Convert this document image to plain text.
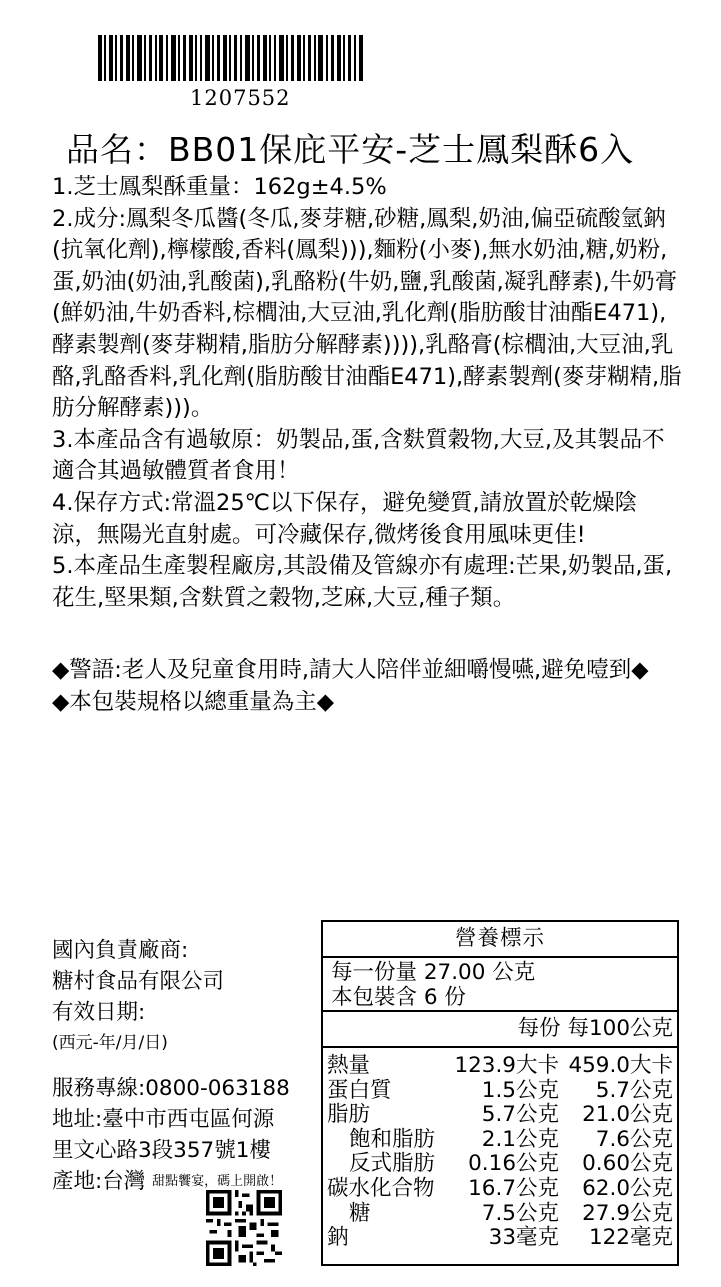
1207552
品名：BB01保庇平安-芝士鳳梨酥6入

1.芝士鳳梨酥重量：162g±4.5%

2.成分:鳳梨冬瓜醬(冬瓜,麥芽糖,砂糖,鳳梨,奶油,偏亞硫酸氫鈉(抗氧化劑),檸檬酸,香料(鳳梨))),麵粉(小麥),無水奶油,糖,奶粉,蛋,奶油(奶油,乳酸菌),乳酪粉(牛奶,鹽,乳酸菌,凝乳酵素),牛奶膏(鮮奶油,牛奶香料,棕櫚油,大豆油,乳化劑(脂肪酸甘油酯E471),酵素製劑(麥芽糊精,脂肪分解酵素)))),乳酪膏(棕櫚油,大豆油,乳酪,乳酪香料,乳化劑(脂肪酸甘油酯E471),酵素製劑(麥芽糊精,脂肪分解酵素)))。

3.本產品含有過敏原：奶製品,蛋,含麩質穀物,大豆,及其製品不適合其過敏體質者食用！

4.保存方式:常溫25℃以下保存，避免變質,請放置於乾燥陰涼，無陽光直射處。可冷藏保存,微烤後食用風味更佳!

5.本產品生產製程廠房,其設備及管線亦有處理:芒果,奶製品,蛋,花生,堅果類,含麩質之穀物,芝麻,大豆,種子類。

◆警語:老人及兒童食用時,請大人陪伴並細嚼慢嚥,避免噎到◆

◆本包裝規格以總重量為主◆

國內負責廠商:
糖村食品有限公司
有效日期:
(西元-年/月/日)
服務專線:0800-063188
地址:臺中市西屯區何源
里文心路3段357號1樓
產地:台灣 甜點饗宴，碼上開啟！
營養標示
每一份量 27.00 公克
本包裝含 6 份
每份 每100公克
熱量	123.9大卡 459.0大卡
蛋白質	1.5公克	5.7公克
脂肪	5.7公克	21.0公克
飽和脂肪	2.1公克	7.6公克
反式脂肪	0.16公克	0.60公克
碳水化合物	16.7公克	62.0公克
糖	7.5公克	27.9公克
鈉	33毫克	122毫克
